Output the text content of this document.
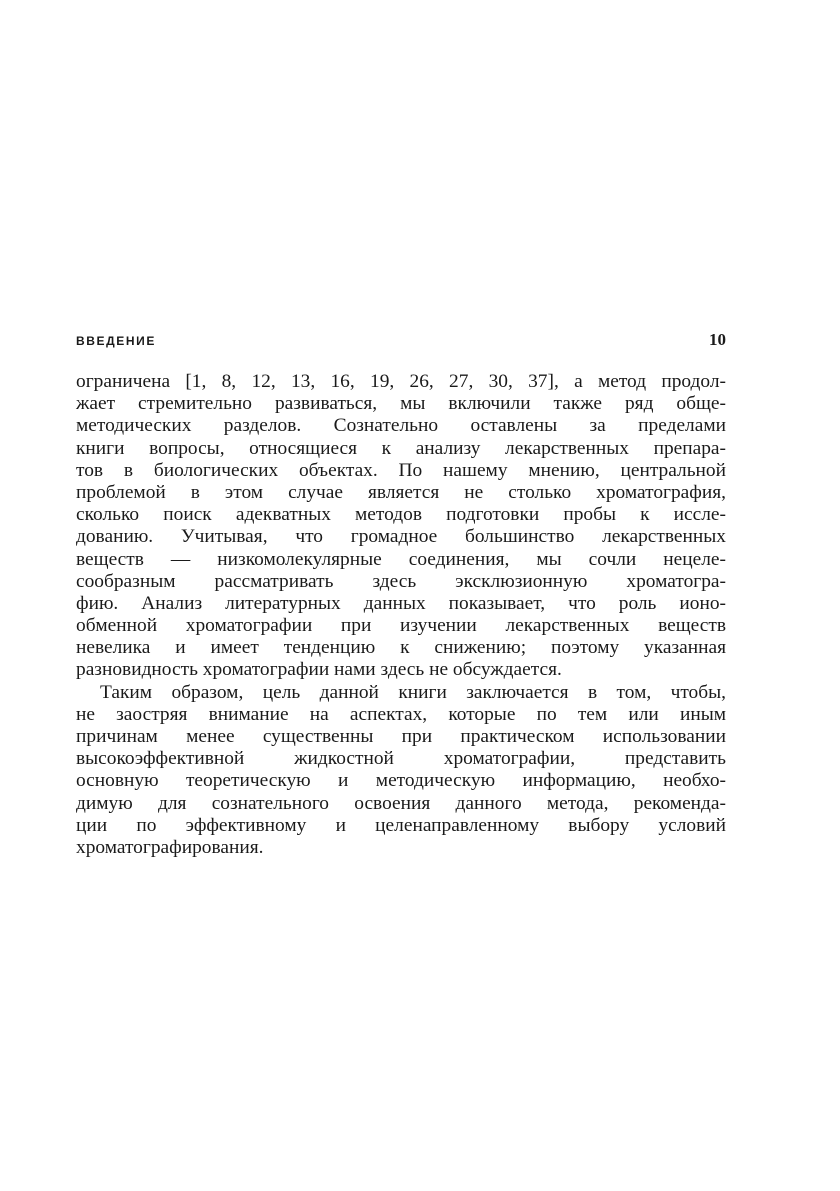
ВВЕДЕНИЕ	10
ограничена [1, 8, 12, 13, 16, 19, 26, 27, 30, 37], а метод продол-
жает стремительно развиваться, мы включили также ряд обще-
методических разделов. Сознательно оставлены за пределами
книги вопросы, относящиеся к анализу лекарственных препара-
тов в биологических объектах. По нашему мнению, центральной
проблемой в этом случае является не столько хроматография,
сколько поиск адекватных методов подготовки пробы к иссле-
дованию. Учитывая, что громадное большинство лекарственных
веществ — низкомолекулярные соединения, мы сочли нецеле-
сообразным рассматривать здесь эксклюзионную хроматогра-
фию. Анализ литературных данных показывает, что роль ионо-
обменной хроматографии при изучении лекарственных веществ
невелика и имеет тенденцию к снижению; поэтому указанная
разновидность хроматографии нами здесь не обсуждается.
Таким образом, цель данной книги заключается в том, чтобы,
не заостряя внимание на аспектах, которые по тем или иным
причинам менее существенны при практическом использовании
высокоэффективной жидкостной хроматографии, представить
основную теоретическую и методическую информацию, необхо-
димую для сознательного освоения данного метода, рекоменда-
ции по эффективному и целенаправленному выбору условий
хроматографирования.
